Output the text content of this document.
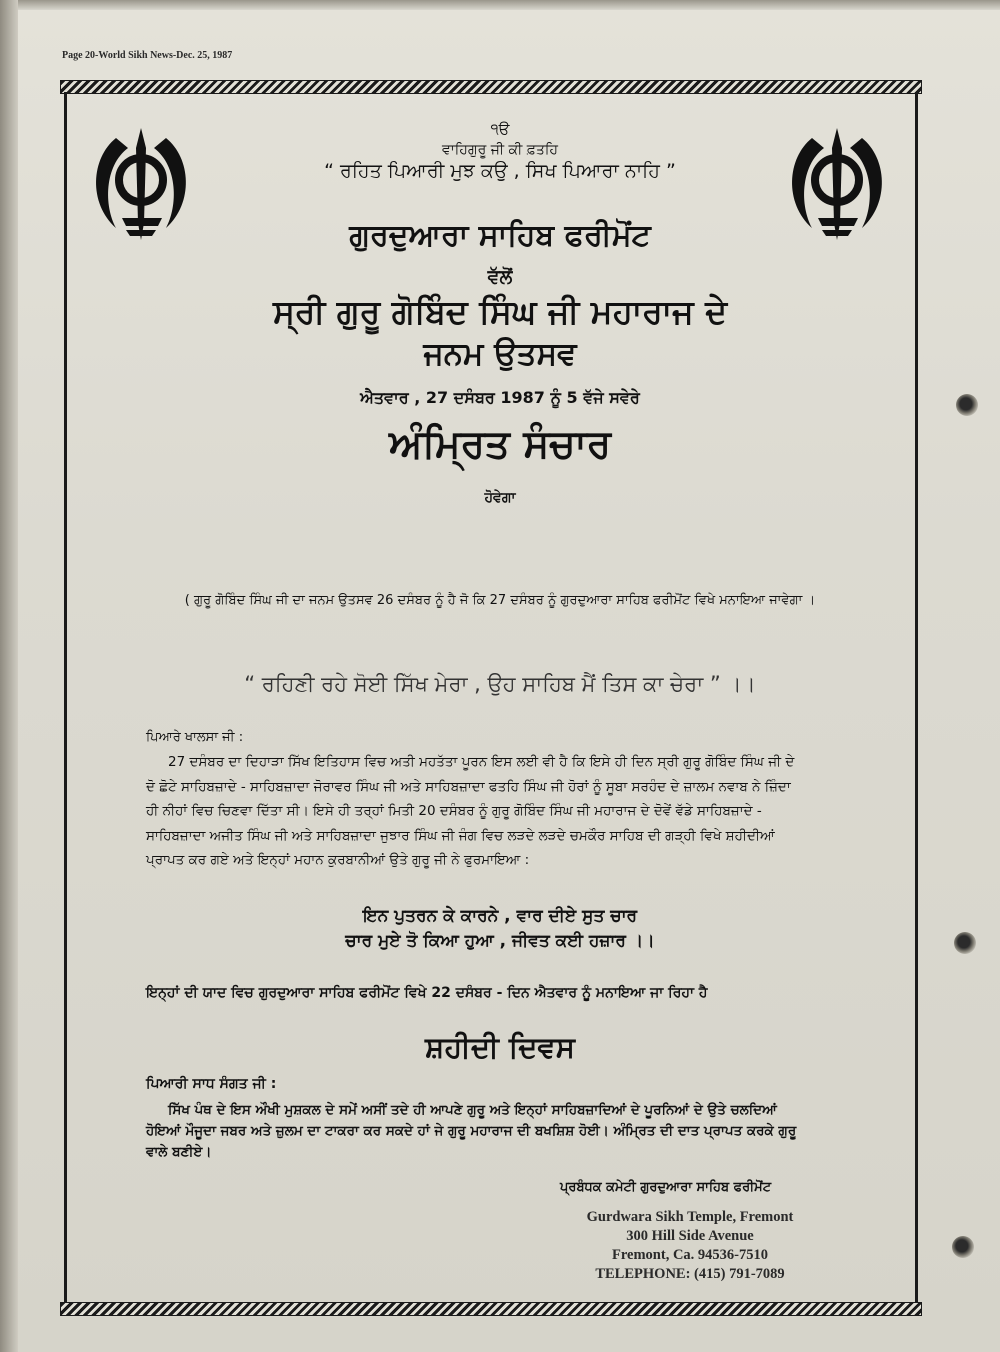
Page 20-World Sikh News-Dec. 25, 1987
੧ੳ
ਵਾਹਿਗੁਰੂ ਜੀ ਕੀ ਫ਼ਤਹਿ
“ ਰਹਿਤ ਪਿਆਰੀ ਮੁਝ ਕਉ , ਸਿਖ ਪਿਆਰਾ ਨਾਹਿ ”
ਗੁਰਦੁਆਰਾ ਸਾਹਿਬ ਫਰੀਮੋਂਟ
ਵੱਲੋਂ
ਸ੍ਰੀ ਗੁਰੂ ਗੋਬਿੰਦ ਸਿੰਘ ਜੀ ਮਹਾਰਾਜ ਦੇ
ਜਨਮ ਉਤਸਵ
ਐਤਵਾਰ , 27 ਦਸੰਬਰ 1987 ਨੂੰ 5 ਵੱਜੇ ਸਵੇਰੇ
ਅੰਮ੍ਰਿਤ ਸੰਚਾਰ
ਹੋਵੇਗਾ
( ਗੁਰੂ ਗੋਬਿੰਦ ਸਿੰਘ ਜੀ ਦਾ ਜਨਮ ਉਤਸਵ 26 ਦਸੰਬਰ ਨੂੰ ਹੈ ਜੋ ਕਿ 27 ਦਸੰਬਰ ਨੂੰ ਗੁਰਦੁਆਰਾ ਸਾਹਿਬ ਫਰੀਮੋਂਟ ਵਿਖੇ ਮਨਾਇਆ ਜਾਵੇਗਾ ।
“ ਰਹਿਣੀ ਰਹੇ ਸੋਈ ਸਿੱਖ ਮੇਰਾ , ਉਹ ਸਾਹਿਬ ਮੈਂ ਤਿਸ ਕਾ ਚੇਰਾ ” ।।
ਪਿਆਰੇ ਖਾਲਸਾ ਜੀ :
27 ਦਸੰਬਰ ਦਾ ਦਿਹਾੜਾ ਸਿੱਖ ਇਤਿਹਾਸ ਵਿਚ ਅਤੀ ਮਹਤੱਤਾ ਪੂਰਨ ਇਸ ਲਈ ਵੀ ਹੈ ਕਿ ਇਸੇ ਹੀ ਦਿਨ ਸ੍ਰੀ ਗੁਰੂ ਗੋਬਿੰਦ ਸਿੰਘ ਜੀ ਦੇ ਦੋ ਛੋਟੇ ਸਾਹਿਬਜ਼ਾਦੇ - ਸਾਹਿਬਜ਼ਾਦਾ ਜੋਰਾਵਰ ਸਿੰਘ ਜੀ ਅਤੇ ਸਾਹਿਬਜ਼ਾਦਾ ਫਤਹਿ ਸਿੰਘ ਜੀ ਹੋਰਾਂ ਨੂੰ ਸੂਬਾ ਸਰਹੰਦ ਦੇ ਜ਼ਾਲਮ ਨਵਾਬ ਨੇ ਜ਼ਿੰਦਾ ਹੀ ਨੀਹਾਂ ਵਿਚ ਚਿਣਵਾ ਦਿੱਤਾ ਸੀ। ਇਸੇ ਹੀ ਤਰ੍ਹਾਂ ਮਿਤੀ 20 ਦਸੰਬਰ ਨੂੰ ਗੁਰੂ ਗੋਬਿੰਦ ਸਿੰਘ ਜੀ ਮਹਾਰਾਜ ਦੇ ਦੋਵੇਂ ਵੱਡੇ ਸਾਹਿਬਜ਼ਾਦੇ - ਸਾਹਿਬਜ਼ਾਦਾ ਅਜੀਤ ਸਿੰਘ ਜੀ ਅਤੇ ਸਾਹਿਬਜ਼ਾਦਾ ਜੁਝਾਰ ਸਿੰਘ ਜੀ ਜੰਗ ਵਿਚ ਲੜਦੇ ਲੜਦੇ ਚਮਕੌਰ ਸਾਹਿਬ ਦੀ ਗੜ੍ਹੀ ਵਿਖੇ ਸ਼ਹੀਦੀਆਂ ਪ੍ਰਾਪਤ ਕਰ ਗਏ ਅਤੇ ਇਨ੍ਹਾਂ ਮਹਾਨ ਕੁਰਬਾਨੀਆਂ ਉਤੇ ਗੁਰੂ ਜੀ ਨੇ ਫੁਰਮਾਇਆ :
ਇਨ ਪੁਤਰਨ ਕੇ ਕਾਰਨੇ , ਵਾਰ ਦੀਏ ਸੁਤ ਚਾਰ
ਚਾਰ ਮੁਏ ਤੋ ਕਿਆ ਹੁਆ , ਜੀਵਤ ਕਈ ਹਜ਼ਾਰ ।।
ਇਨ੍ਹਾਂ ਦੀ ਯਾਦ ਵਿਚ ਗੁਰਦੁਆਰਾ ਸਾਹਿਬ ਫਰੀਮੋਂਟ ਵਿਖੇ 22 ਦਸੰਬਰ - ਦਿਨ ਐਤਵਾਰ ਨੂੰ ਮਨਾਇਆ ਜਾ ਰਿਹਾ ਹੈ
ਸ਼ਹੀਦੀ ਦਿਵਸ
ਪਿਆਰੀ ਸਾਧ ਸੰਗਤ ਜੀ :
ਸਿੱਖ ਪੰਥ ਦੇ ਇਸ ਔਖੀ ਮੁਸ਼ਕਲ ਦੇ ਸਮੇਂ ਅਸੀਂ ਤਦੇ ਹੀ ਆਪਣੇ ਗੁਰੂ ਅਤੇ ਇਨ੍ਹਾਂ ਸਾਹਿਬਜ਼ਾਦਿਆਂ ਦੇ ਪੂਰਨਿਆਂ ਦੇ ਉਤੇ ਚਲਦਿਆਂ ਹੋਇਆਂ ਮੌਜੂਦਾ ਜਬਰ ਅਤੇ ਜ਼ੁਲਮ ਦਾ ਟਾਕਰਾ ਕਰ ਸਕਦੇ ਹਾਂ ਜੇ ਗੁਰੂ ਮਹਾਰਾਜ ਦੀ ਬਖਸ਼ਿਸ਼ ਹੋਈ। ਅੰਮ੍ਰਿਤ ਦੀ ਦਾਤ ਪ੍ਰਾਪਤ ਕਰਕੇ ਗੁਰੂ ਵਾਲੇ ਬਣੀਏ।
ਪ੍ਰਬੰਧਕ ਕਮੇਟੀ ਗੁਰਦੁਆਰਾ ਸਾਹਿਬ ਫਰੀਮੋਂਟ
Gurdwara Sikh Temple, Fremont
300 Hill Side Avenue
Fremont, Ca. 94536-7510
TELEPHONE: (415) 791-7089
